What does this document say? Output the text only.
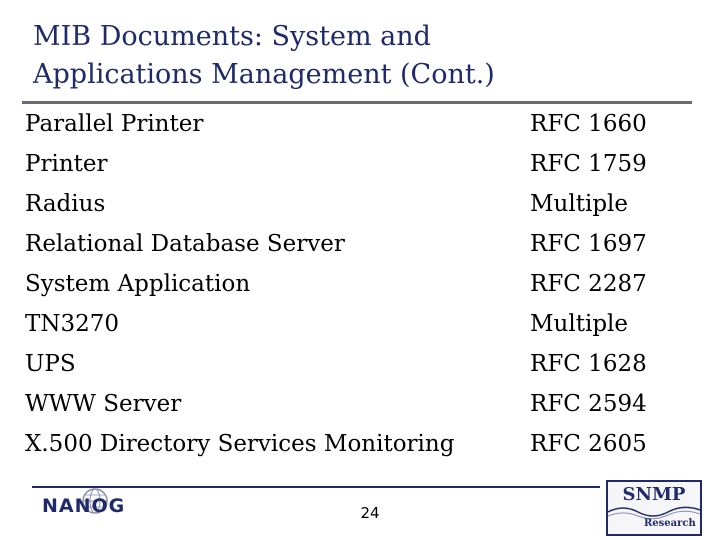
MIB Documents: System and
Applications Management (Cont.)
Parallel Printer	RFC 1660
Printer	RFC 1759
Radius	Multiple
Relational Database Server	RFC 1697
System Application	RFC 2287
TN3270	Multiple
UPS	RFC 1628
WWW Server	RFC 2594
X.500 Directory Services Monitoring	RFC 2605
NANOG	24
SNMP
Research
